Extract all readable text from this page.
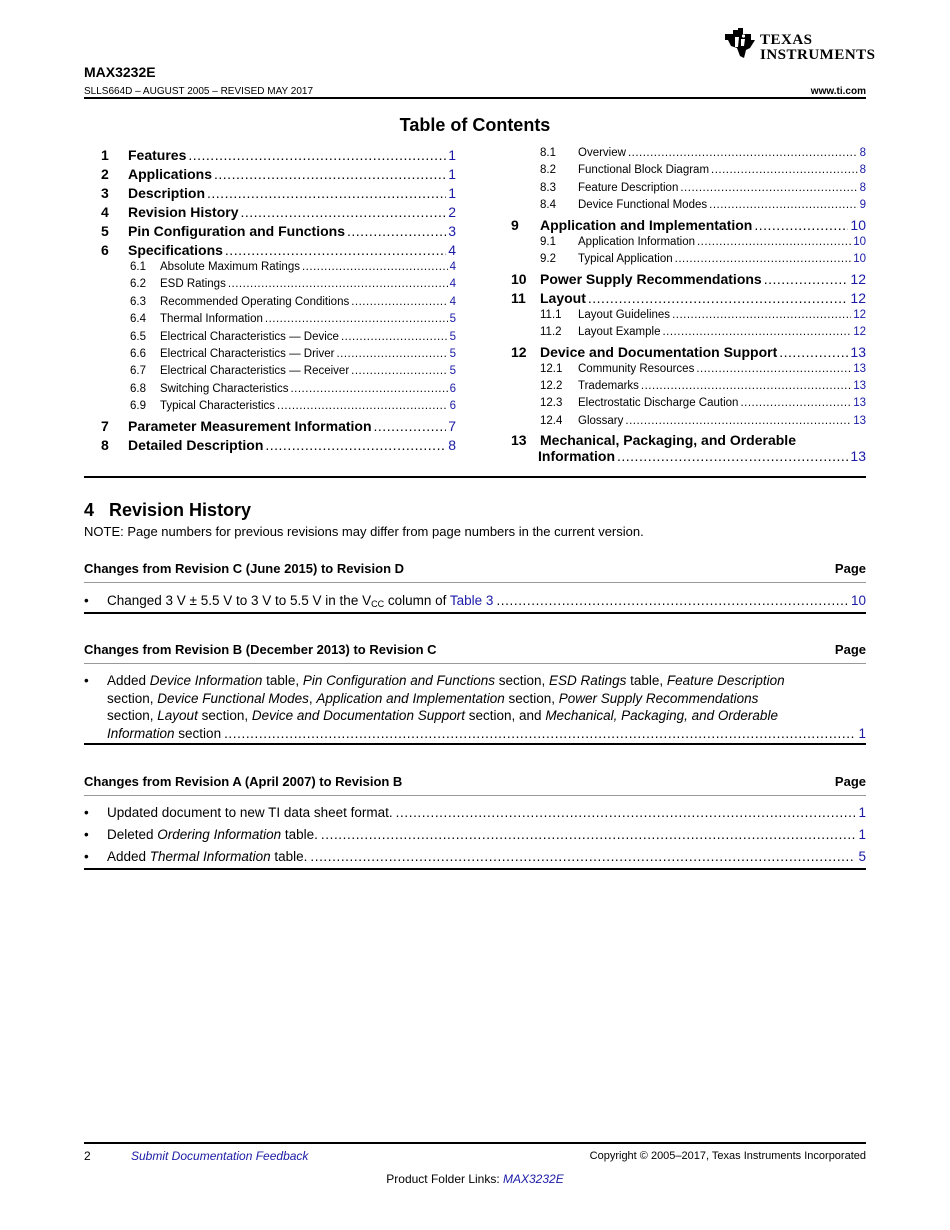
TEXAS
INSTRUMENTS
MAX3232E
SLLS664D – AUGUST 2005 – REVISED MAY 2017	www.ti.com
Table of Contents
1	Features .....	1
2	Applications .....	1
3	Description .....	1
4	Revision History .....	2
5	Pin Configuration and Functions .....	3
6	Specifications .....	4
6.1	Absolute Maximum Ratings .....	4
6.2	ESD Ratings .....	4
6.3	Recommended Operating Conditions .....	4
6.4	Thermal Information .....	5
6.5	Electrical Characteristics — Device .....	5
6.6	Electrical Characteristics — Driver .....	5
6.7	Electrical Characteristics — Receiver .....	5
6.8	Switching Characteristics .....	6
6.9	Typical Characteristics .....	6
7	Parameter Measurement Information .....	7
8	Detailed Description .....	8
8.1	Overview .....	8
8.2	Functional Block Diagram .....	8
8.3	Feature Description .....	8
8.4	Device Functional Modes .....	9
9	Application and Implementation .....	10
9.1	Application Information .....	10
9.2	Typical Application .....	10
10 Power Supply Recommendations .....	12
11	Layout .....	12
11.1	Layout Guidelines .....	12
11.2	Layout Example .....	12
12 Device and Documentation Support .....	13
12.1	Community Resources .....	13
12.2	Trademarks .....	13
12.3	Electrostatic Discharge Caution .....	13
12.4	Glossary .....	13
13 Mechanical, Packaging, and Orderable
Information .....	13
4 Revision History
NOTE: Page numbers for previous revisions may differ from page numbers in the current version.
Changes from Revision C (June 2015) to Revision D	Page
• Changed 3 V ± 5.5 V to 3 V to 5.5 V in the $V_{CC}$ column of Table 3 .....	10
Changes from Revision B (December 2013) to Revision C	Page
• Added Device Information table, Pin Configuration and Functions section, ESD Ratings table, Feature Description
section, Device Functional Modes, Application and Implementation section, Power Supply Recommendations
section, Layout section, Device and Documentation Support section, and Mechanical, Packaging, and Orderable
Information section .....	1
Changes from Revision A (April 2007) to Revision B	Page
• Updated document to new TI data sheet format. .....	1
• Deleted Ordering Information table. .....	1
• Added Thermal Information table. .....	5
2	Submit Documentation Feedback	Copyright © 2005–2017, Texas Instruments Incorporated
Product Folder Links: MAX3232E
